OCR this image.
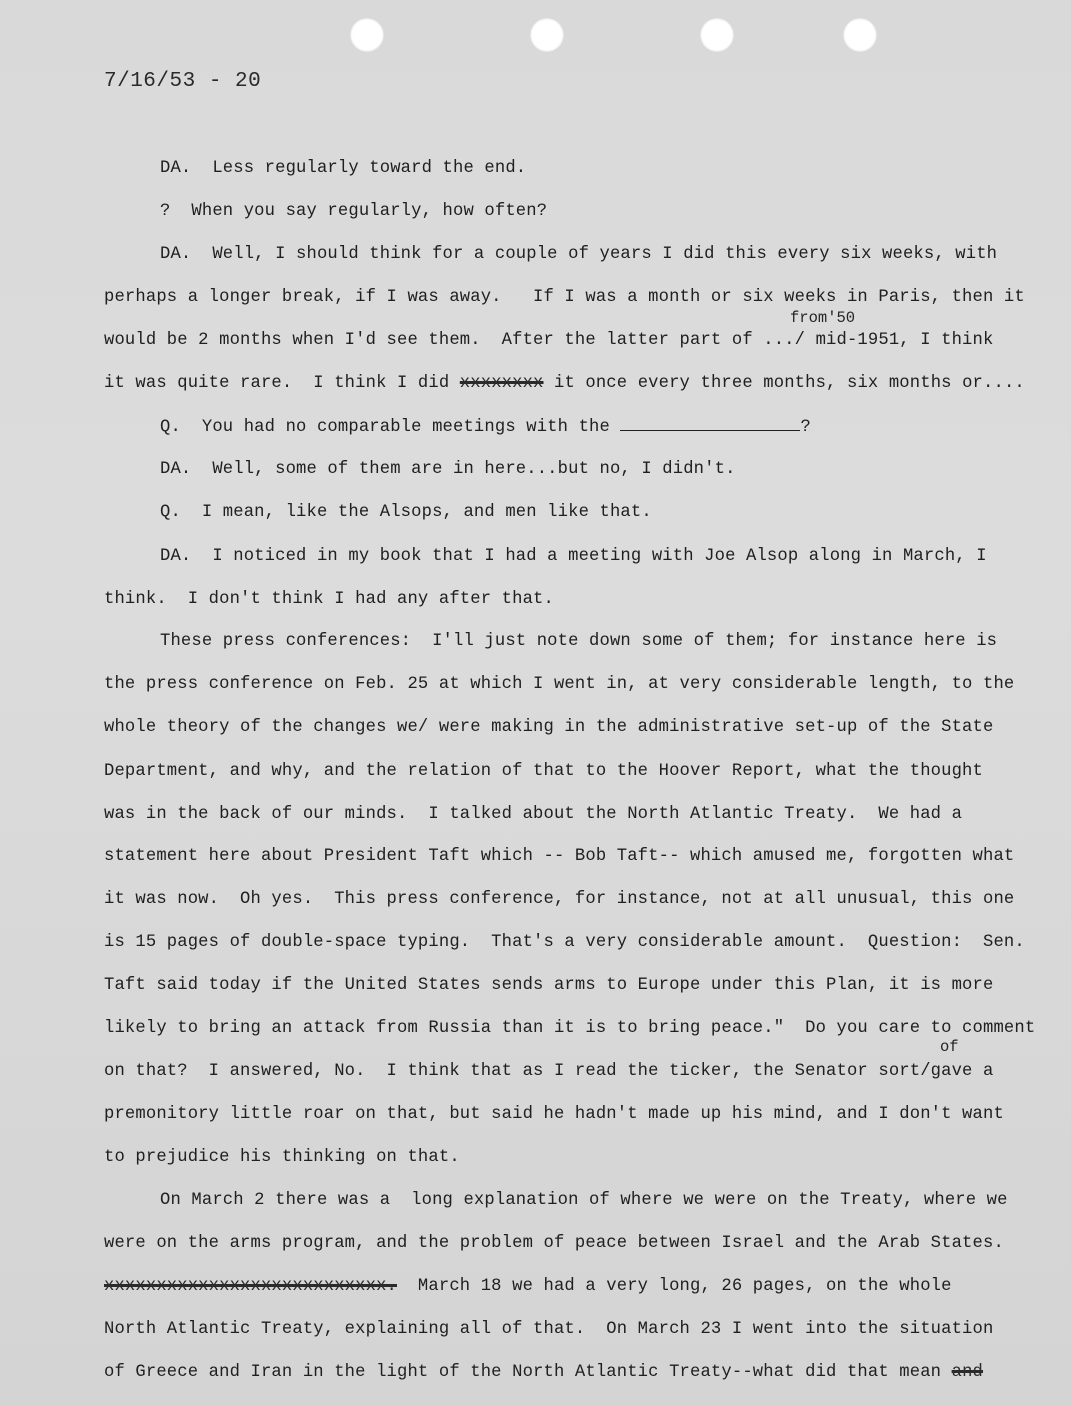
7/16/53 - 20
DA.  Less regularly toward the end.
?  When you say regularly, how often?
DA.  Well, I should think for a couple of years I did this every six weeks, with
perhaps a longer break, if I was away.   If I was a month or six weeks in Paris, then it
from'50
would be 2 months when I'd see them.  After the latter part of .../ mid-1951, I think
it was quite rare.  I think I did xxxxxxxx it once every three months, six months or....
Q.  You had no comparable meetings with the	?
DA.  Well, some of them are in here...but no, I didn't.
Q.  I mean, like the Alsops, and men like that.
DA.  I noticed in my book that I had a meeting with Joe Alsop along in March, I
think.  I don't think I had any after that.
These press conferences:  I'll just note down some of them; for instance here is
the press conference on Feb. 25 at which I went in, at very considerable length, to the
whole theory of the changes we/ were making in the administrative set-up of the State
Department, and why, and the relation of that to the Hoover Report, what the thought
was in the back of our minds.  I talked about the North Atlantic Treaty.  We had a
statement here about President Taft which -- Bob Taft-- which amused me, forgotten what
it was now.  Oh yes.  This press conference, for instance, not at all unusual, this one
is 15 pages of double-space typing.  That's a very considerable amount.  Question:  Sen.
Taft said today if the United States sends arms to Europe under this Plan, it is more
likely to bring an attack from Russia than it is to bring peace."  Do you care to comment
of
on that?  I answered, No.  I think that as I read the ticker, the Senator sort/gave a
premonitory little roar on that, but said he hadn't made up his mind, and I don't want
to prejudice his thinking on that.
On March 2 there was a  long explanation of where we were on the Treaty, where we
were on the arms program, and the problem of peace between Israel and the Arab States.
xxxxxxxxxxxxxxxxxxxxxxxxxxx.  March 18 we had a very long, 26 pages, on the whole
North Atlantic Treaty, explaining all of that.  On March 23 I went into the situation
of Greece and Iran in the light of the North Atlantic Treaty--what did that mean and
